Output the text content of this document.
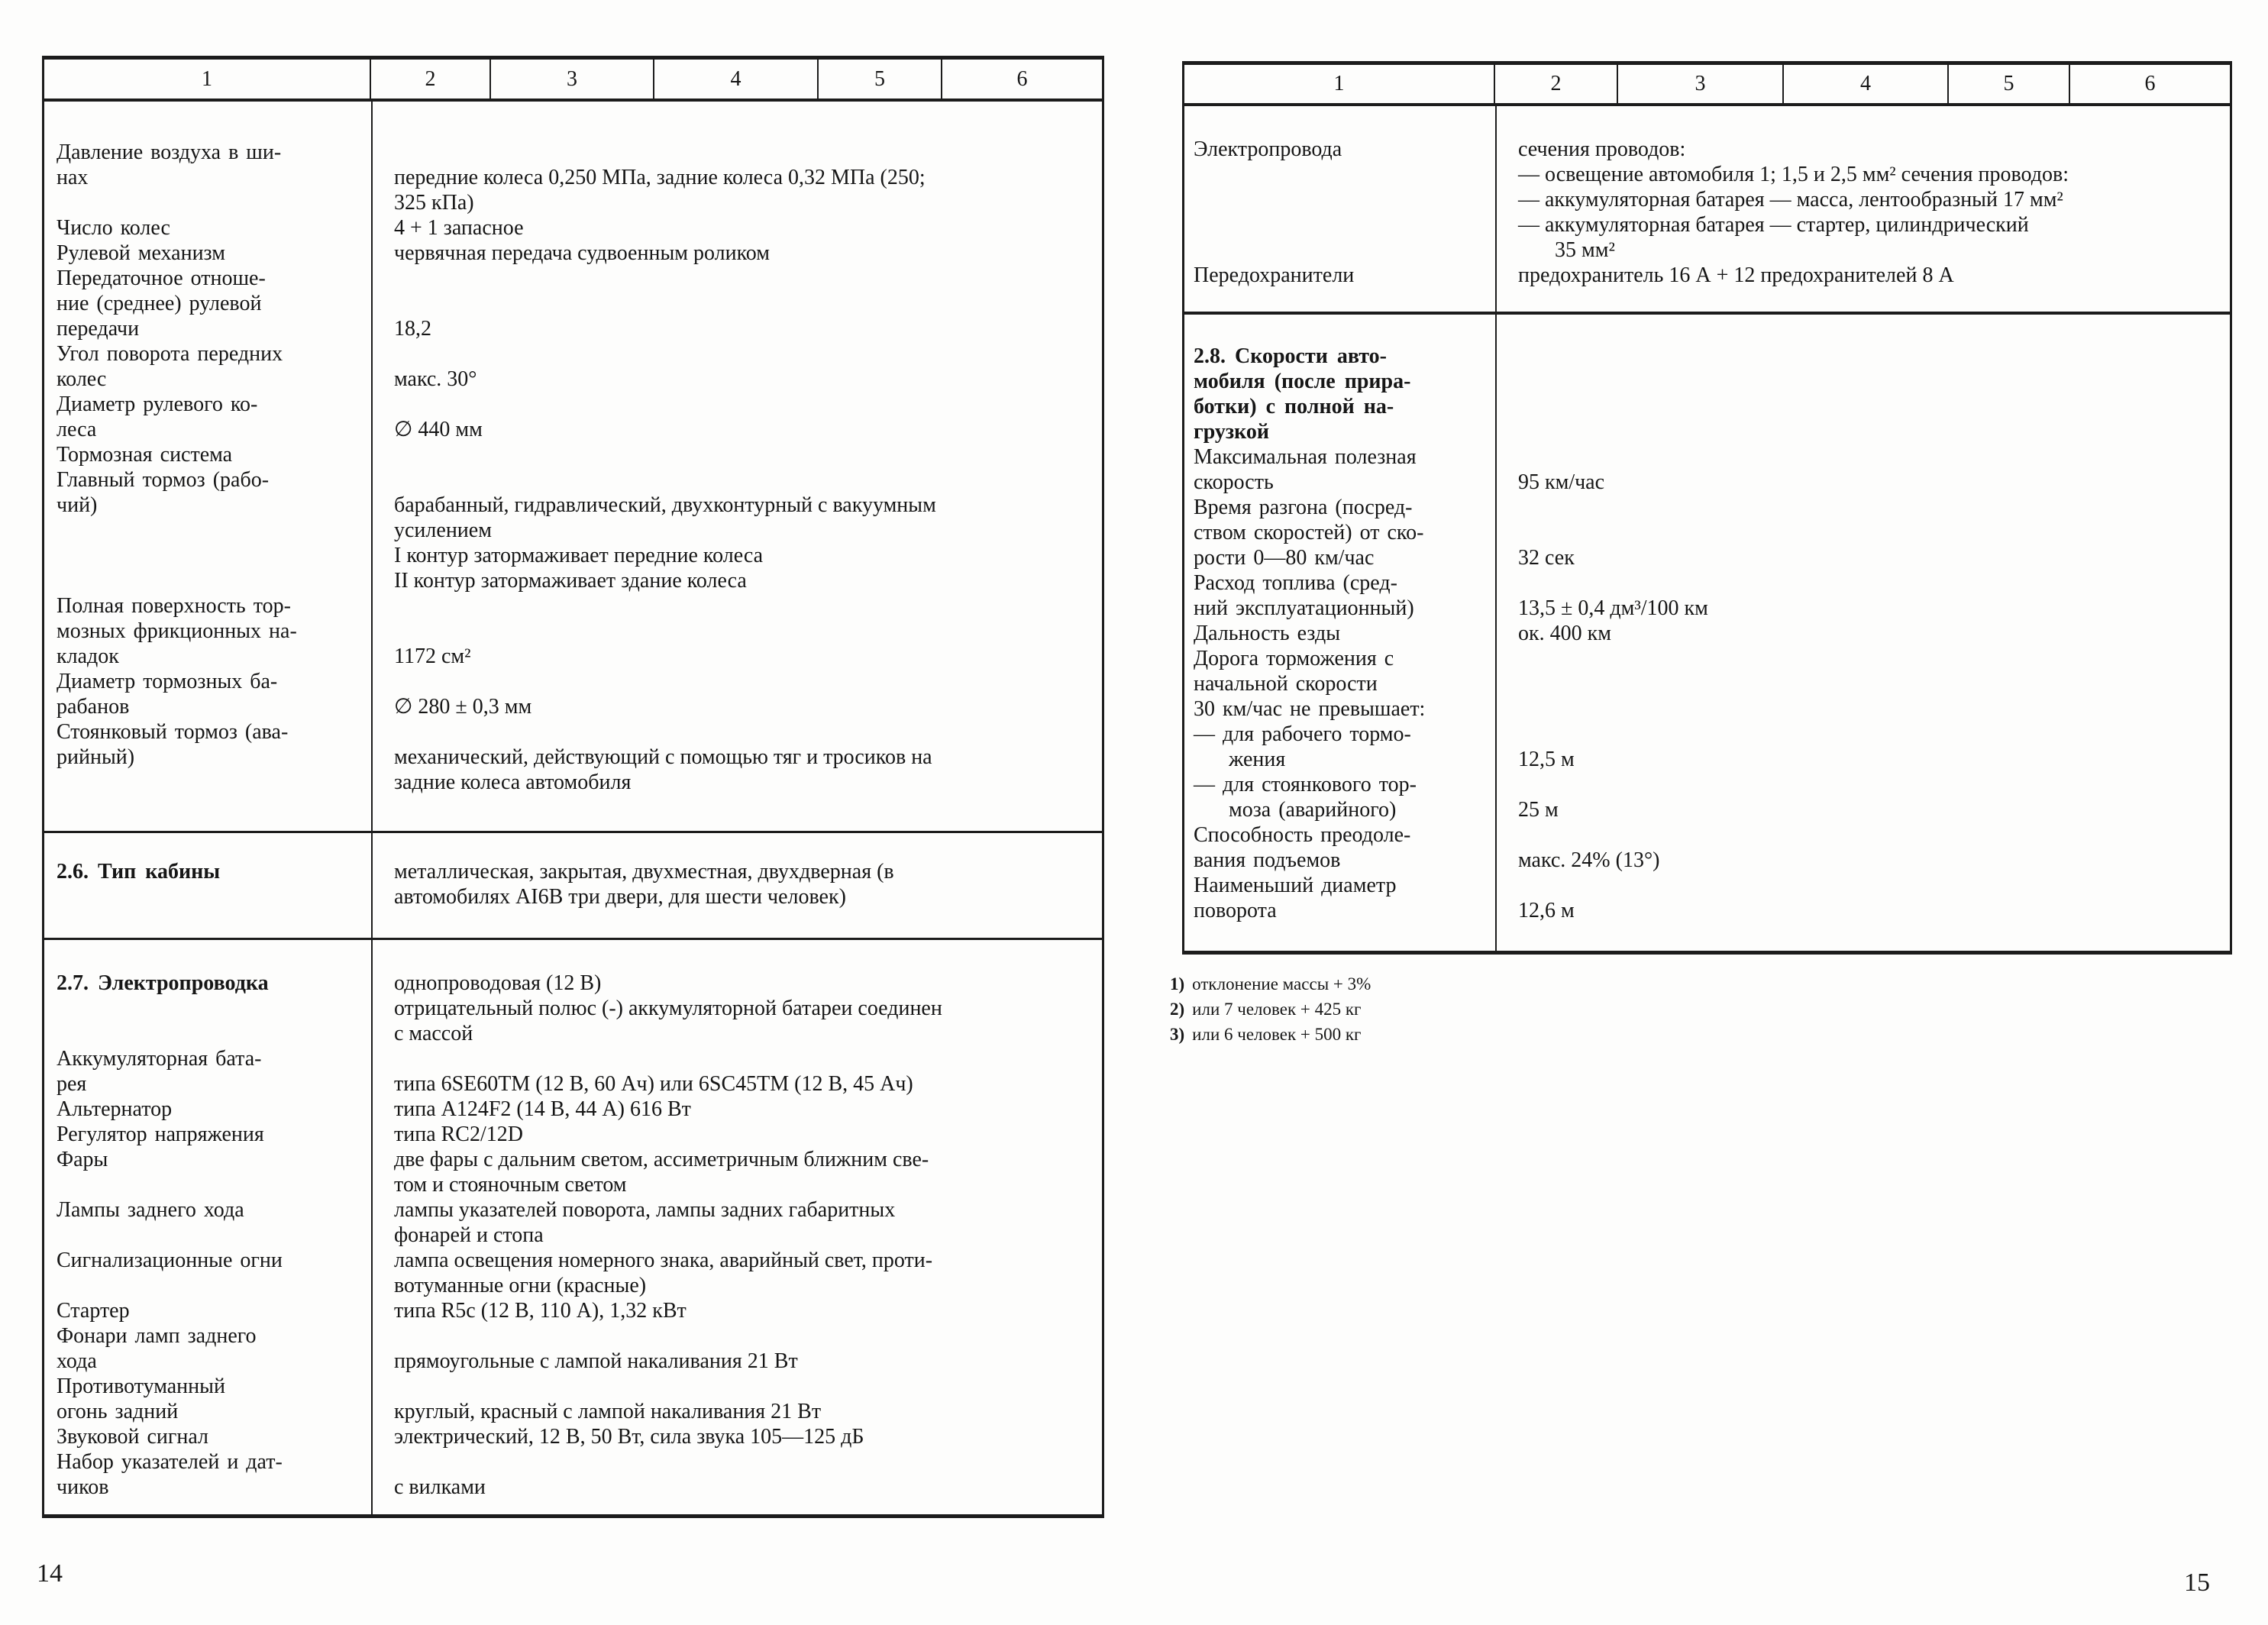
1	2	3	4	5	6
Давление воздуха в ши-
нах	передние колеса 0,250 МПа, задние колеса 0,32 МПа (250;
325 кПа)
Число колес	4 + 1 запасное
Рулевой механизм	червячная передача судвоенным роликом
Передаточное отноше-
ние (среднее) рулевой
передачи	18,2
Угол поворота передних
колес	макс. 30°
Диаметр рулевого ко-
леса	∅ 440 мм
Тормозная система
Главный тормоз (рабо-
чий)	барабанный, гидравлический, двухконтурный с вакуумным
усилением
I контур затормаживает передние колеса
II контур затормаживает здание колеса
Полная поверхность тор-
мозных фрикционных на-
кладок	1172 см²
Диаметр тормозных ба-
рабанов	∅ 280 ± 0,3 мм
Стоянковый тормоз (ава-
рийный)	механический, действующий с помощью тяг и тросиков на
задние колеса автомобиля
2.6. Тип кабины	металлическая, закрытая, двухместная, двухдверная (в
автомобилях AI6B три двери, для шести человек)
2.7. Электропроводка	однопроводовая (12 В)
отрицательный полюс (-) аккумуляторной батареи соединен
с массой
Аккумуляторная бата-
рея	типа 6SE60TM (12 В, 60 Ач) или 6SC45TM (12 В, 45 Ач)
Альтернатор	типа A124F2 (14 В, 44 А) 616 Вт
Регулятор напряжения	типа RC2/12D
Фары	две фары с дальним светом, ассиметричным ближним све-
том и стояночным светом
Лампы заднего хода	лампы указателей поворота, лампы задних габаритных
фонарей и стопа
Сигнализационные огни	лампа освещения номерного знака, аварийный свет, проти-
вотуманные огни (красные)
Стартер	типа R5c (12 В, 110 А), 1,32 кВт
Фонари ламп заднего
хода	прямоугольные с лампой накаливания 21 Вт
Противотуманный
огонь задний	круглый, красный с лампой накаливания 21 Вт
Звуковой сигнал	электрический, 12 В, 50 Вт, сила звука 105—125 дБ
Набор указателей и дат-
чиков	с вилками
1	2	3	4	5	6
Электропровода	сечения проводов:
— освещение автомобиля 1; 1,5 и 2,5 мм² сечения проводов:
— аккумуляторная батарея — масса, лентообразный 17 мм²
— аккумуляторная батарея — стартер, цилиндрический
35 мм²
Передохранители	предохранитель 16 А + 12 предохранителей 8 А
2.8. Скорости авто-
мобиля (после прира-
ботки) с полной на-
грузкой
Максимальная полезная
скорость	95 км/час
Время разгона (посред-
ством скоростей) от ско-
рости 0—80 км/час	32 сек
Расход топлива (сред-
ний эксплуатационный)	13,5 ± 0,4 дм³/100 км
Дальность езды	ок. 400 км
Дорога торможения с
начальной скорости
30 км/час не превышает:
— для рабочего тормо-
жения	12,5 м
— для стоянкового тор-
моза (аварийного)	25 м
Способность преодоле-
вания подъемов	макс. 24% (13°)
Наименьший диаметр
поворота	12,6 м
1) отклонение массы + 3%
2) или 7 человек + 425 кг
3) или 6 человек + 500 кг
14	15
